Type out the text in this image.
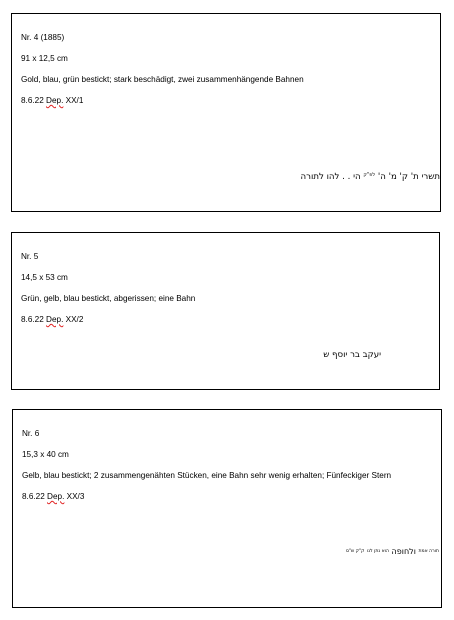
Nr. 4 (1885)

91 x 12,5 cm

Gold, blau, grün bestickt; stark beschädigt, zwei zusammenhängende Bahnen

8.6.22 Dep. XX/1

תשרי ת' ק' מ' ה' $^{לפ"ק}$ הי . . להו לתורה

Nr. 5

14,5 x 53 cm

Grün, gelb, blau bestickt, abgerissen; eine Bahn

8.6.22 Dep. XX/2

יעקב בר יוסף ש

Nr. 6

15,3 x 40 cm

Gelb, blau bestickt; 2 zusammengenähten Stücken, eine Bahn sehr wenig erhalten; Fünfeckiger Stern

8.6.22 Dep. XX/3

$^{תורה אמת}$ ולחופה $^{הוא נתן לנו}$ $^{ק"ק ש"ס}$
